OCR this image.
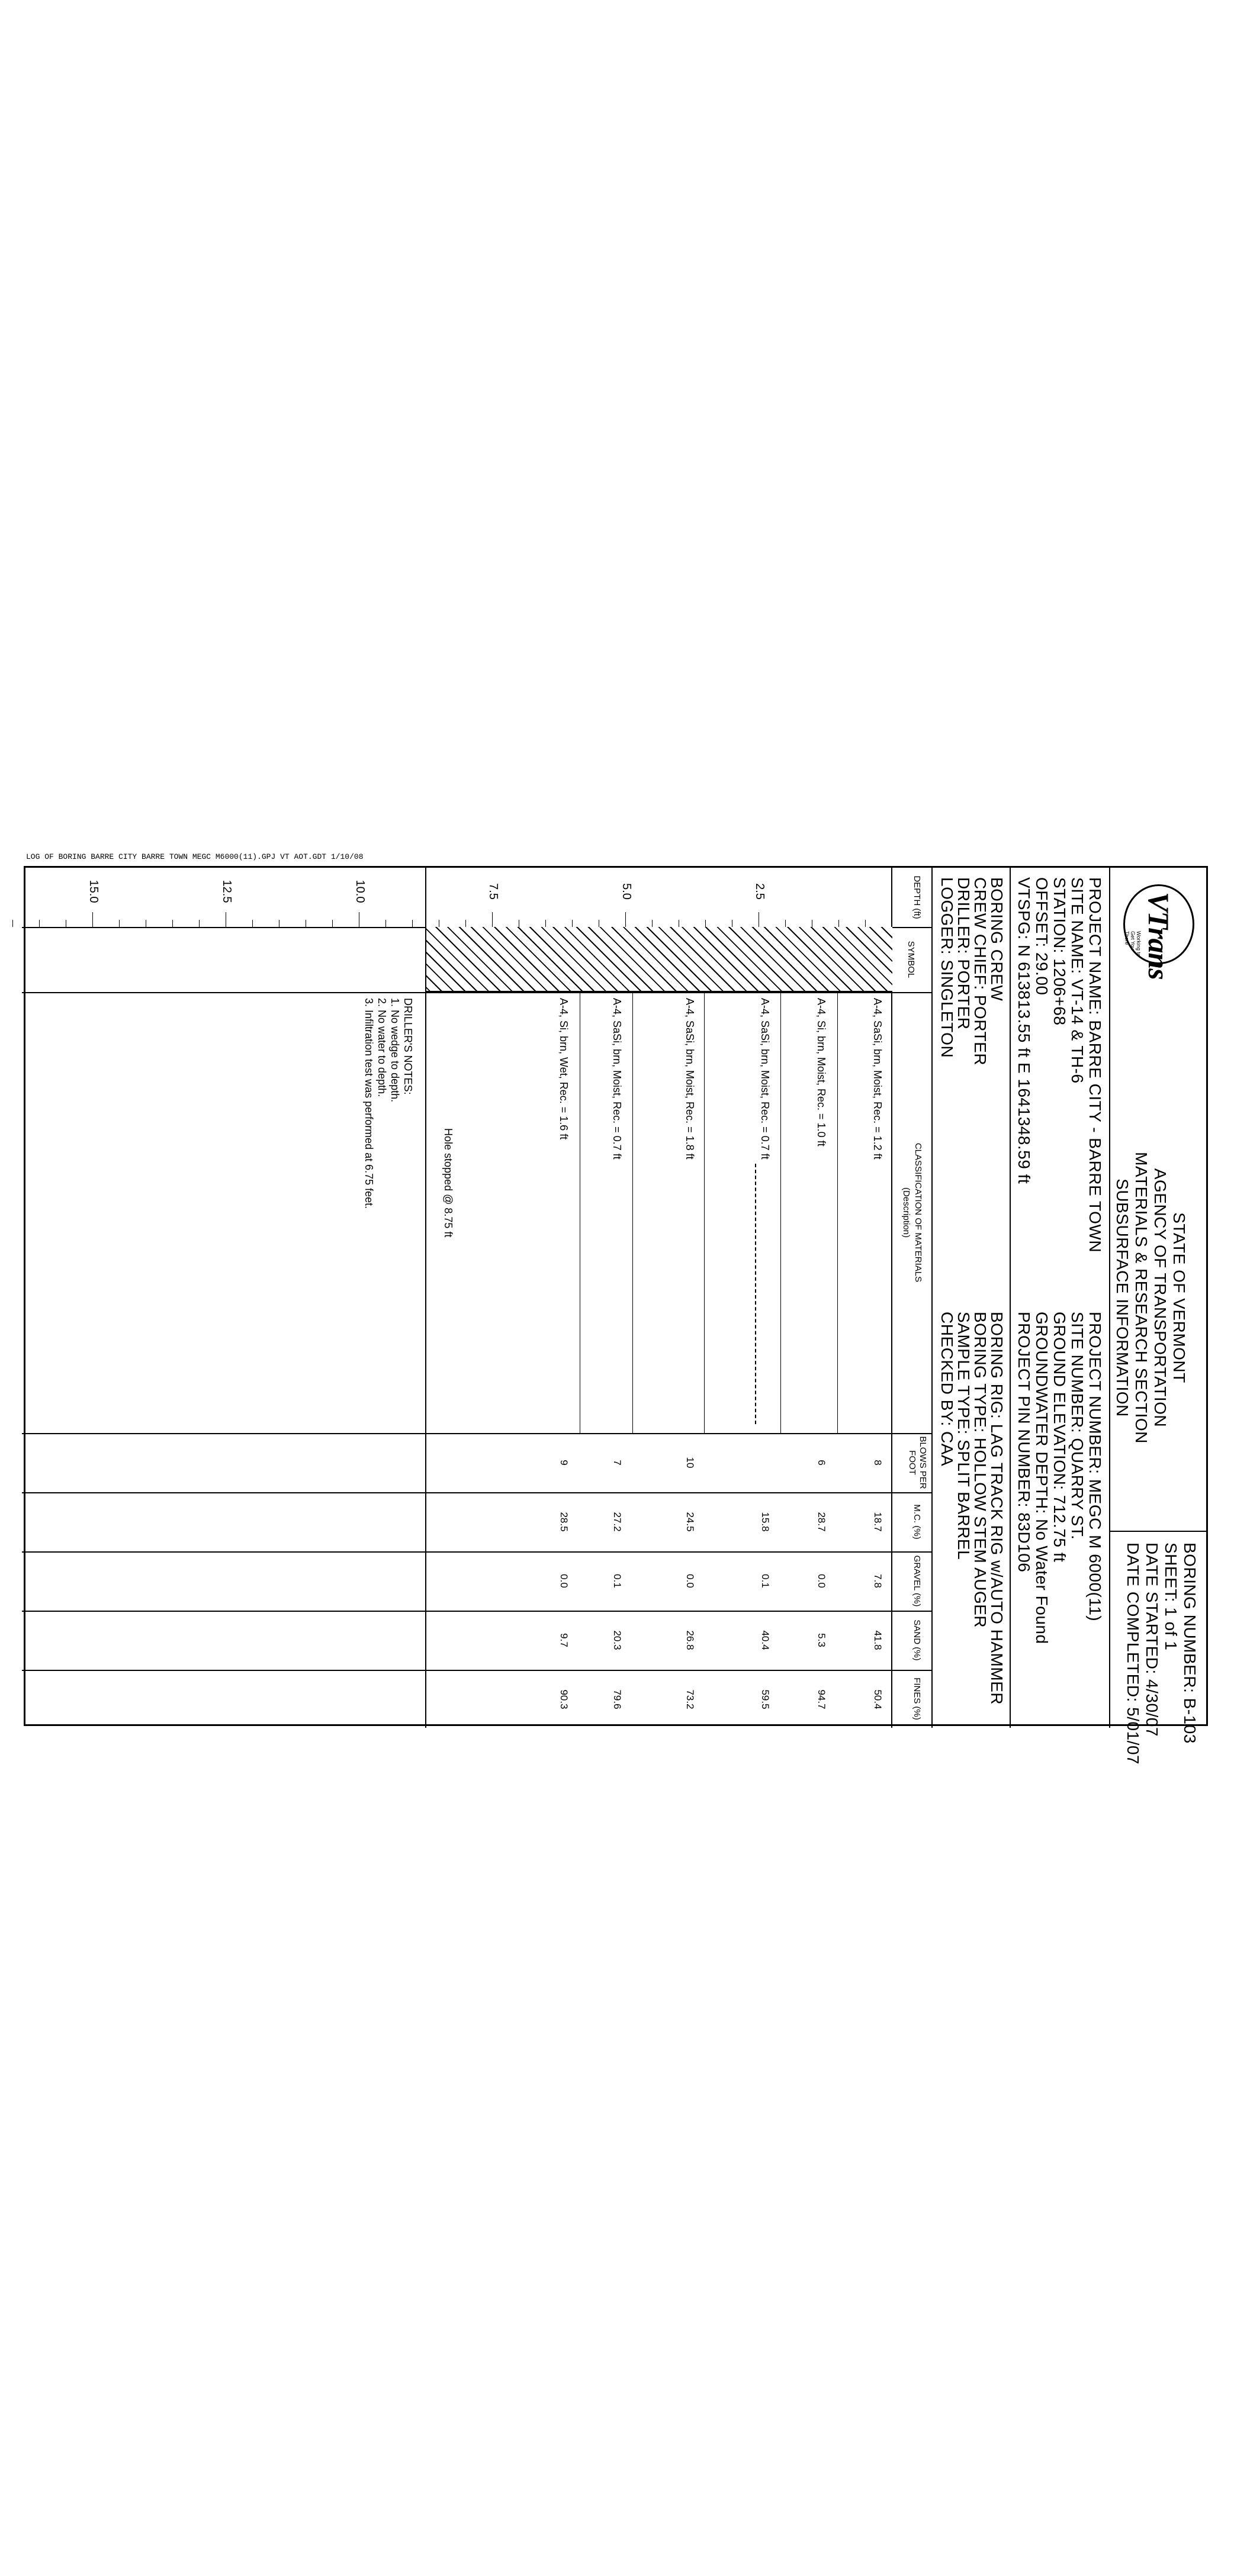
LOG OF BORING BARRE CITY BARRE TOWN MEGC M6000(11).GPJ VT AOT.GDT 1/10/08
VTrans
Working to Get You There
STATE OF VERMONT
AGENCY OF TRANSPORTATION
MATERIALS & RESEARCH SECTION
SUBSURFACE INFORMATION
BORING NUMBER: B-103
SHEET: 1 of 1
DATE STARTED: 4/30/07
DATE COMPLETED: 5/01/07
PROJECT NAME: BARRE CITY - BARRE TOWN
SITE NAME: VT-14 & TH-6
STATION: 1206+68
OFFSET: 29.00
VTSPG: N 613813.55 ft E 1641348.59 ft
PROJECT NUMBER: MEGC M 6000(11)
SITE NUMBER: QUARRY ST.
GROUND ELEVATION: 712.75 ft
GROUNDWATER DEPTH: No Water Found
PROJECT PIN NUMBER: 83D106
BORING CREW
CREW CHIEF: PORTER
DRILLER: PORTER
LOGGER: SINGLETON
BORING RIG: LAG TRACK RIG w/AUTO HAMMER
BORING TYPE: HOLLOW STEM AUGER
SAMPLE TYPE: SPLIT BARREL
CHECKED BY: CAA
DEPTH (ft)
SYMBOL
CLASSIFICATION OF MATERIALS
(Description)
BLOWS PER FOOT
M.C. (%)
GRAVEL (%)
SAND (%)
FINES (%)
2.5
5.0
7.5
10.0
12.5
15.0
A-4, SaSi, brn, Moist, Rec. = 1.2 ft
8
18.7
7.8
41.8
50.4
A-4, Si, brn, Moist, Rec. = 1.0 ft
6
28.7
0.0
5.3
94.7
A-4, SaSi, brn, Moist, Rec. = 0.7 ft
15.8
0.1
40.4
59.5
A-4, SaSi, brn, Moist, Rec. = 1.8 ft
10
24.5
0.0
26.8
73.2
A-4, SaSi, brn, Moist, Rec. = 0.7 ft
7
27.2
0.1
20.3
79.6
A-4, Si, brn, Wet, Rec. = 1.6 ft
9
28.5
0.0
9.7
90.3
Hole stopped @ 8.75 ft
DRILLER'S NOTES:
1. No wedge to depth.
2. No water to depth.
3. Infiltration test was performed at 6.75 feet.
